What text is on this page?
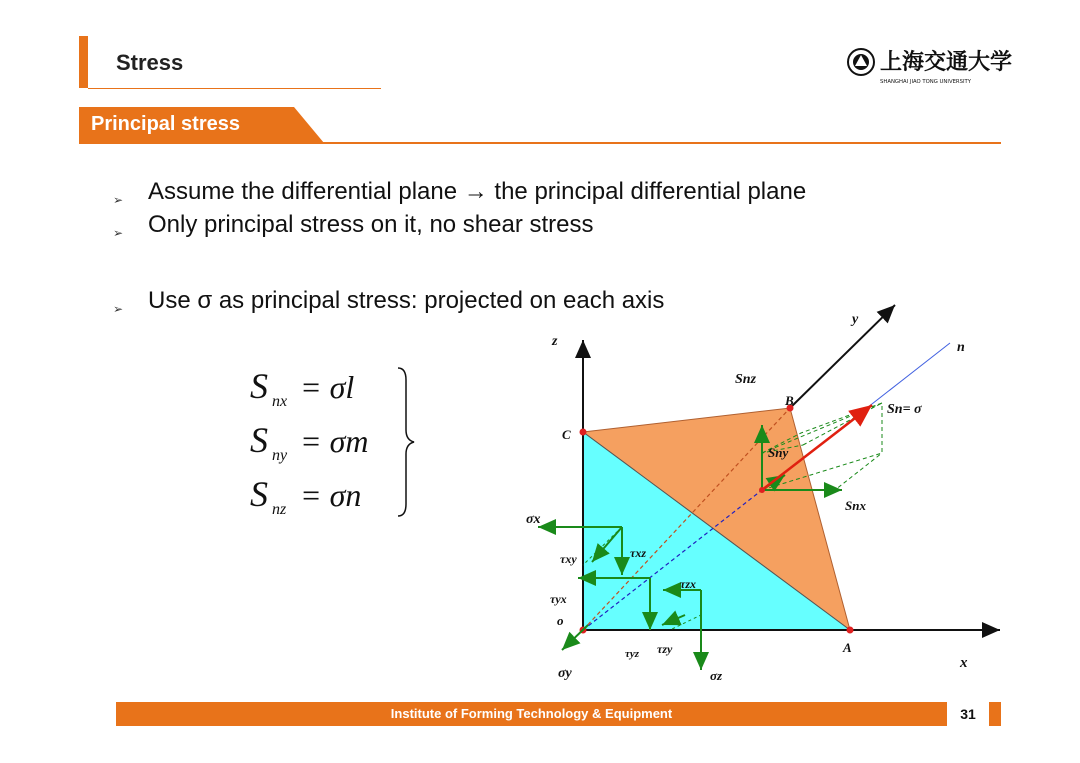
Stress	上海交通大学
SHANGHAI JIAO TONG UNIVERSITY
Principal stress
➢ Assume the differential plane → the principal differential plane
➢ Only principal stress on it, no shear stress
➢ Use σ as principal stress: projected on each axis
S nx = σl
S ny = σm
S nz = σn
z
x
y
n
o
C
B
A
Snz
Sny
Snx
Sn= σ
σx
σy	σz
τxy	τxz
τyx
τzx
τyz τzy
Institute of Forming Technology & Equipment	31
